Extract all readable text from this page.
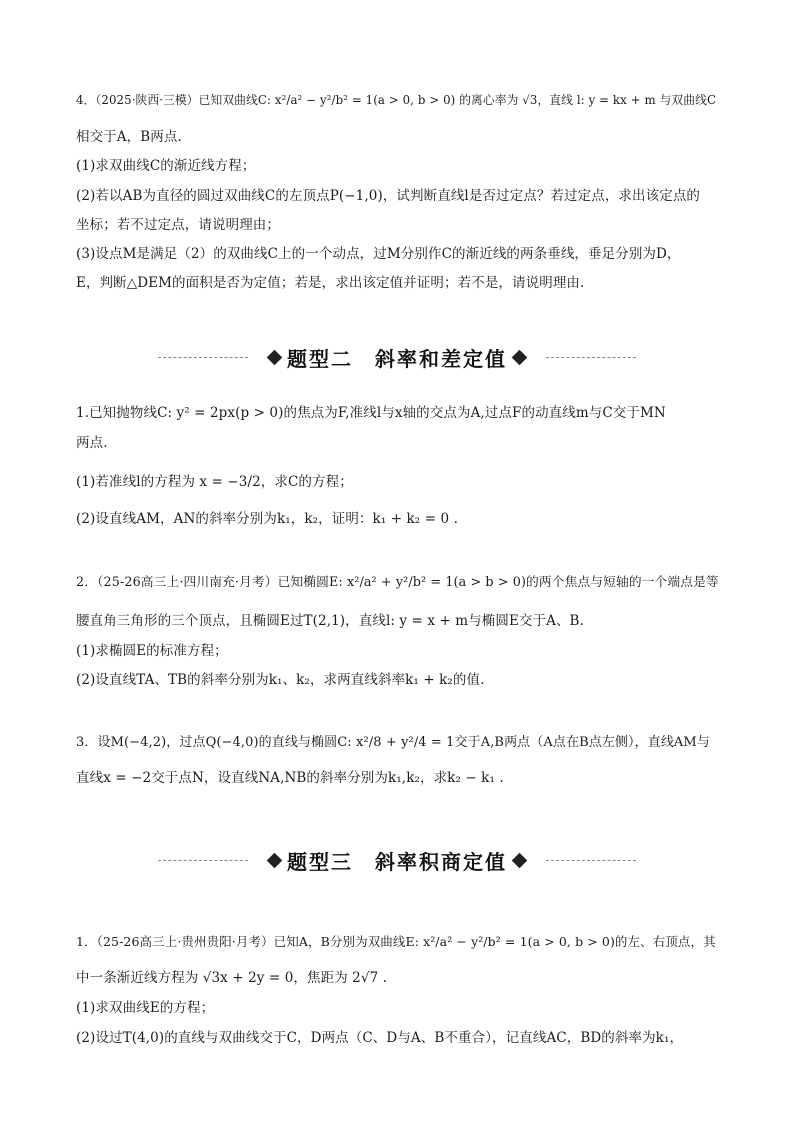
4．（2025·陕西·三模）已知双曲线C: x²/a² − y²/b² = 1(a > 0, b > 0) 的离心率为 √3，直线 l: y = kx + m 与双曲线C
相交于A，B两点.
(1)求双曲线C的渐近线方程；
(2)若以AB为直径的圆过双曲线C的左顶点P(−1,0)，试判断直线l是否过定点？若过定点，求出该定点的
坐标；若不过定点，请说明理由；
(3)设点M是满足（2）的双曲线C上的一个动点，过M分别作C的渐近线的两条垂线，垂足分别为D，
E，判断△DEM的面积是否为定值；若是，求出该定值并证明；若不是，请说明理由.
题型二　斜率和差定值
1.已知抛物线C: y² = 2px(p > 0)的焦点为F,准线l与x轴的交点为A,过点F的动直线m与C交于MN
两点.
(1)若准线l的方程为 x = −3/2，求C的方程；
(2)设直线AM，AN的斜率分别为k₁，k₂，证明：k₁ + k₂ = 0 .
2．（25-26高三上·四川南充·月考）已知椭圆E: x²/a² + y²/b² = 1(a > b > 0)的两个焦点与短轴的一个端点是等
腰直角三角形的三个顶点，且椭圆E过T(2,1)，直线l: y = x + m与椭圆E交于A、B.
(1)求椭圆E的标准方程；
(2)设直线TA、TB的斜率分别为k₁、k₂，求两直线斜率k₁ + k₂的值.
3．设M(−4,2)，过点Q(−4,0)的直线与椭圆C: x²/8 + y²/4 = 1交于A,B两点（A点在B点左侧），直线AM与
直线x = −2交于点N，设直线NA,NB的斜率分别为k₁,k₂，求k₂ − k₁ .
题型三　斜率积商定值
1．（25-26高三上·贵州贵阳·月考）已知A，B分别为双曲线E: x²/a² − y²/b² = 1(a > 0, b > 0)的左、右顶点，其
中一条渐近线方程为 √3x + 2y = 0，焦距为 2√7 .
(1)求双曲线E的方程；
(2)设过T(4,0)的直线与双曲线交于C，D两点（C、D与A、B不重合），记直线AC，BD的斜率为k₁，
